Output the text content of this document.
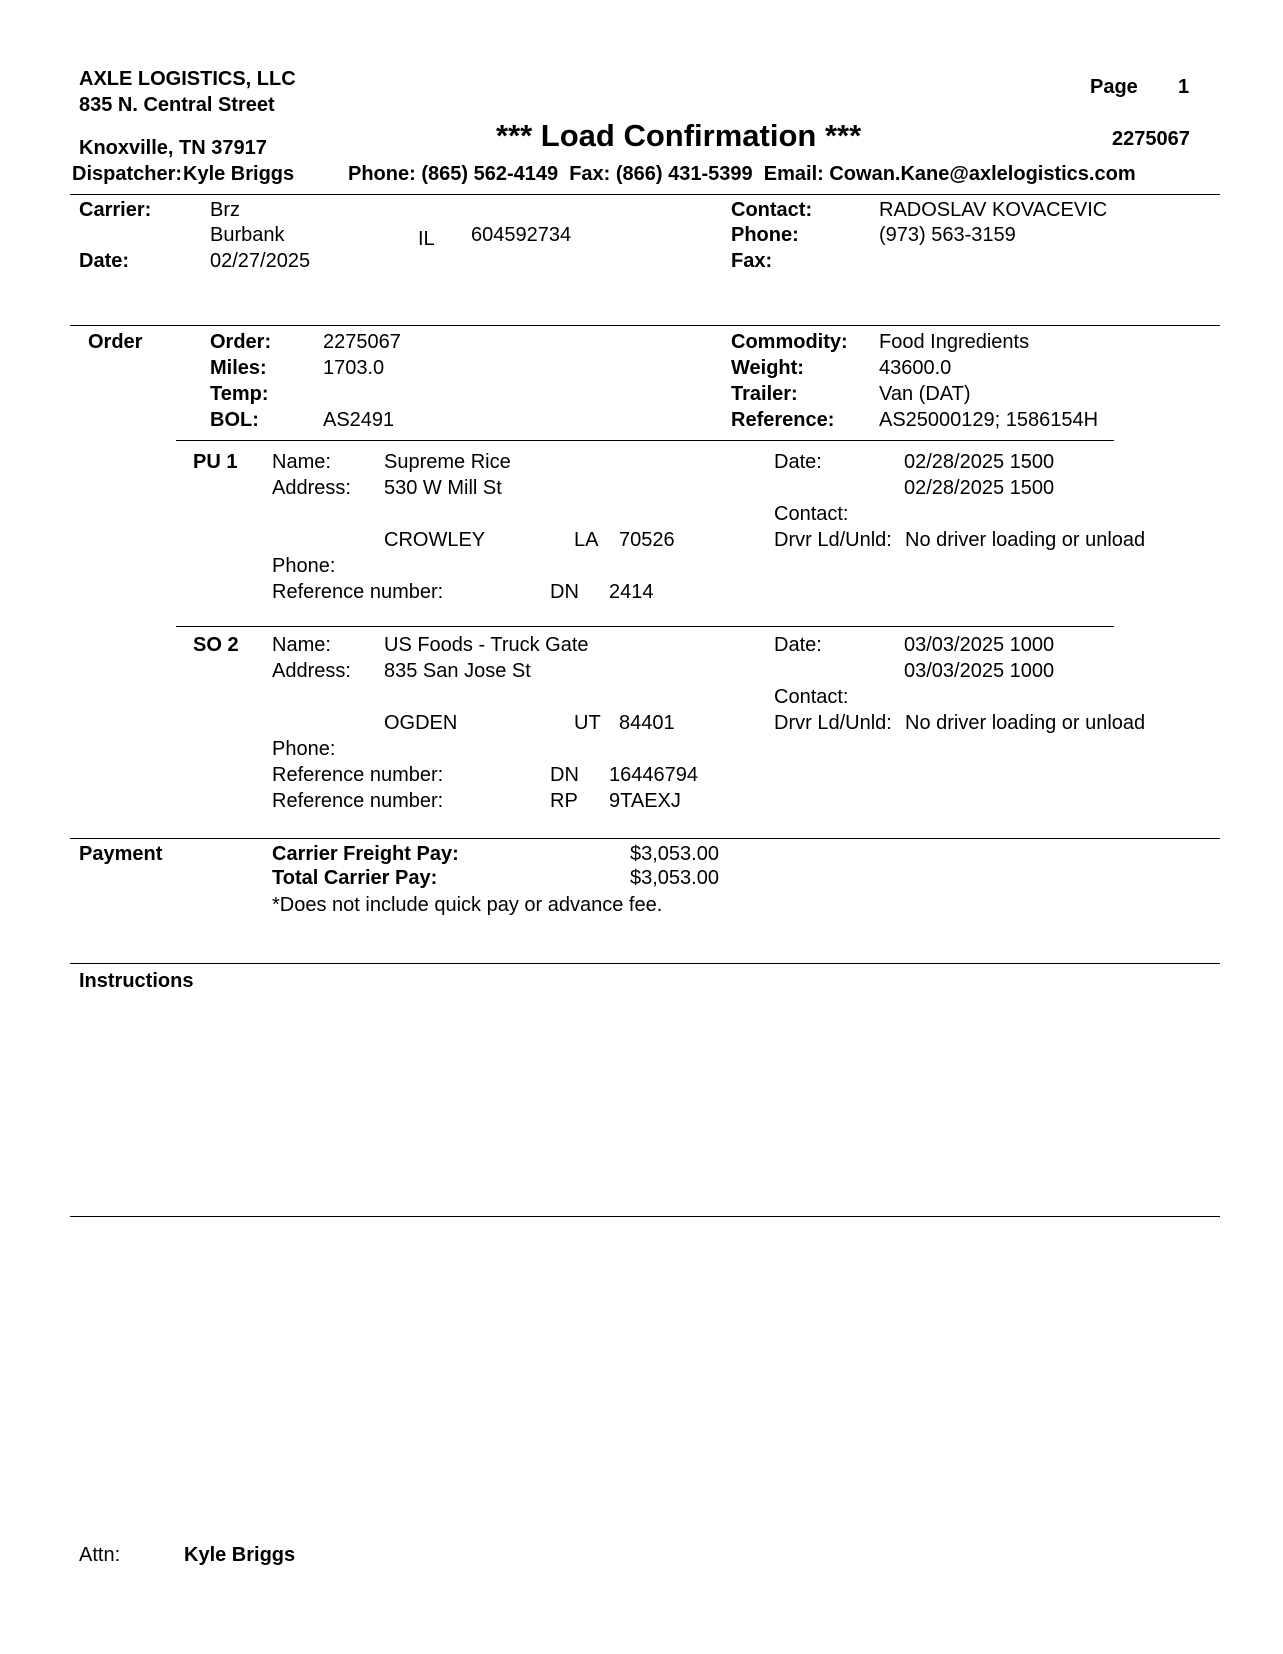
AXLE LOGISTICS, LLC
835 N. Central Street
Knoxville, TN 37917
Page 1
*** Load Confirmation ***	2275067
Dispatcher: Kyle Briggs	Phone: (865) 562-4149  Fax: (866) 431-5399  Email: Cowan.Kane@axlelogistics.com
Carrier:	Brz
Burbank	IL 604592734
Date:	02/27/2025
Contact:	RADOSLAV KOVACEVIC
Phone:	(973) 563-3159
Fax:
Order	Order:	2275067
Miles:	1703.0
Temp:
BOL:	AS2491
Commodity: Food Ingredients
Weight:	43600.0
Trailer:	Van (DAT)
Reference: AS25000129; 1586154H
PU 1 Name:	Supreme Rice
Address: 530 W Mill St
CROWLEY	LA 70526
Phone:
Reference number:	DN 2414
Date:	02/28/2025 1500
02/28/2025 1500
Contact:
Drvr Ld/Unld: No driver loading or unload
SO 2 Name:	US Foods - Truck Gate
Address: 835 San Jose St
OGDEN	UT 84401
Phone:
Reference number:	DN 16446794
Reference number:	RP 9TAEXJ
Date:	03/03/2025 1000
03/03/2025 1000
Contact:
Drvr Ld/Unld: No driver loading or unload
Payment	Carrier Freight Pay:	$3,053.00
Total Carrier Pay:	$3,053.00
*Does not include quick pay or advance fee.
Instructions
Attn:	Kyle Briggs
